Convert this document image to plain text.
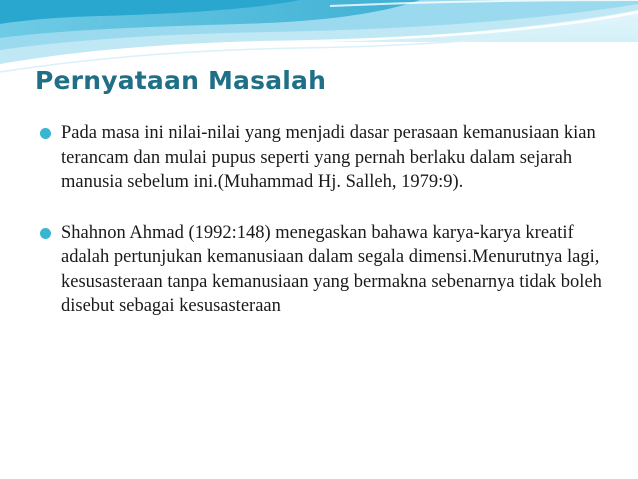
Pernyataan Masalah
Pada masa ini nilai-nilai yang menjadi dasar perasaan kemanusiaan kian terancam dan mulai pupus seperti yang pernah berlaku dalam sejarah manusia sebelum ini.(Muhammad Hj. Salleh, 1979:9).
Shahnon Ahmad (1992:148) menegaskan bahawa karya-karya kreatif adalah pertunjukan kemanusiaan dalam segala dimensi.Menurutnya lagi, kesusasteraan tanpa kemanusiaan yang bermakna sebenarnya tidak boleh disebut sebagai kesusasteraan
